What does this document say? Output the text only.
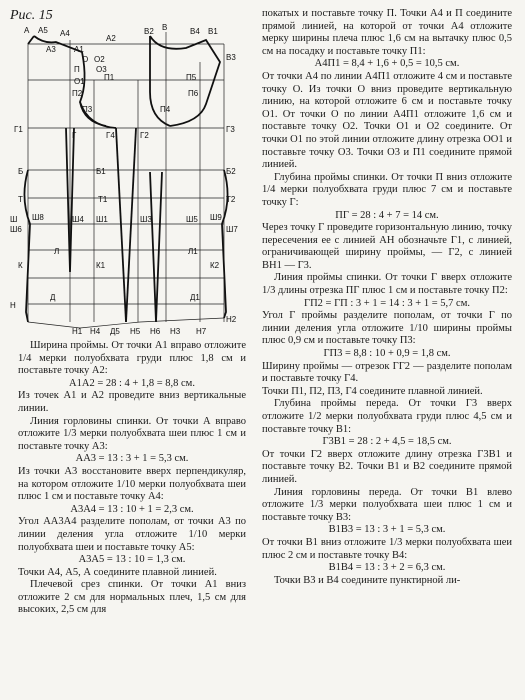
Рис. 15
A A5 A4
A1
A2
A3
B	B1
B4
B2
B3
П
П1	П5
П2	П6
П3	П4
O
O1
O2
O3
Г1
Г	Г4	Г2
Г3
Б	Б1	Б2
Т	Т1	Т2
Ш Ш8
Ш6
Ш4 Ш1	Ш3	Ш5 Ш9
Ш7
К	К1	К2
Л	Л1
Н
Н1 Н4 Д5 Н5 Н6 Н3 Н7
Н2
Д	Д1

Ширина проймы. От точки А1 вправо отложите 1/4 мерки полуобхвата груди плюс 1,8 см и поставьте точку А2:

А1А2 = 28 : 4 + 1,8 = 8,8 см.

Из точек А1 и А2 проведите вниз вертикальные линии.

Линия горловины спинки. От точки А вправо отложите 1/3 мерки полуобхвата шеи плюс 1 см и поставьте точку А3:

АА3 = 13 : 3 + 1 = 5,3 см.

Из точки А3 восстановите вверх перпендикуляр, на котором отложите 1/10 мерки полуобхвата шеи плюс 1 см и поставьте точку А4:

А3А4 = 13 : 10 + 1 = 2,3 см.

Угол АА3А4 разделите пополам, от точки А3 по линии деления угла отложите 1/10 мерки полуобхвата шеи и поставьте точку А5:

А3А5 = 13 : 10 = 1,3 см.

Точки А4, А5, А соедините плавной линией.

Плечевой срез спинки. От точки А1 вниз отложите 2 см для нормальных плеч, 1,5 см для высоких, 2,5 см для

покатых и поставьте точку П. Точки А4 и П соедините прямой линией, на которой от точки А4 отложите мерку ширины плеча плюс 1,6 см на вытачку плюс 0,5 см на посадку и поставьте точку П1:

А4П1 = 8,4 + 1,6 + 0,5 = 10,5 см.

От точки А4 по линии А4П1 отложите 4 см и поставьте точку О. Из точки О вниз проведите вертикальную линию, на которой отложите 6 см и поставьте точку О1. От точки О по линии А4П1 отложите 1,6 см и поставьте точку О2. Точки О1 и О2 соедините. От точки О1 по этой линии отложите длину отрезка ОО1 и поставьте точку О3. Точки О3 и П1 соедините прямой линией.

Глубина проймы спинки. От точки П вниз отложите 1/4 мерки полуобхвата груди плюс 7 см и поставьте точку Г:

ПГ = 28 : 4 + 7 = 14 см.

Через точку Г проведите горизонтальную линию, точку пересечения ее с линией АН обозначьте Г1, с линией, ограничивающей ширину проймы, — Г2, с линией ВН1 — Г3.

Линия проймы спинки. От точки Г вверх отложите 1/3 длины отрезка ПГ плюс 1 см и поставьте точку П2:

ГП2 = ГП : 3 + 1 = 14 : 3 + 1 = 5,7 см.

Угол Г проймы разделите пополам, от точки Г по линии деления угла отложите 1/10 ширины проймы плюс 0,9 см и поставьте точку П3:

ГП3 = 8,8 : 10 + 0,9 = 1,8 см.

Ширину проймы — отрезок ГГ2 — разделите пополам и поставьте точку Г4.

Точки П1, П2, П3, Г4 соедините плавной линией.

Глубина проймы переда. От точки Г3 вверх отложите 1/2 мерки полуобхвата груди плюс 4,5 см и поставьте точку В1:

Г3В1 = 28 : 2 + 4,5 = 18,5 см.

От точки Г2 вверх отложите длину отрезка Г3В1 и поставьте точку В2. Точки В1 и В2 соедините прямой линией.

Линия горловины переда. От точки В1 влево отложите 1/3 мерки полуобхвата шеи плюс 1 см и поставьте точку В3:

В1В3 = 13 : 3 + 1 = 5,3 см.

От точки В1 вниз отложите 1/3 мерки полуобхвата шеи плюс 2 см и поставьте точку В4:

В1В4 = 13 : 3 + 2 = 6,3 см.

Точки В3 и В4 соедините пунктирной ли-
